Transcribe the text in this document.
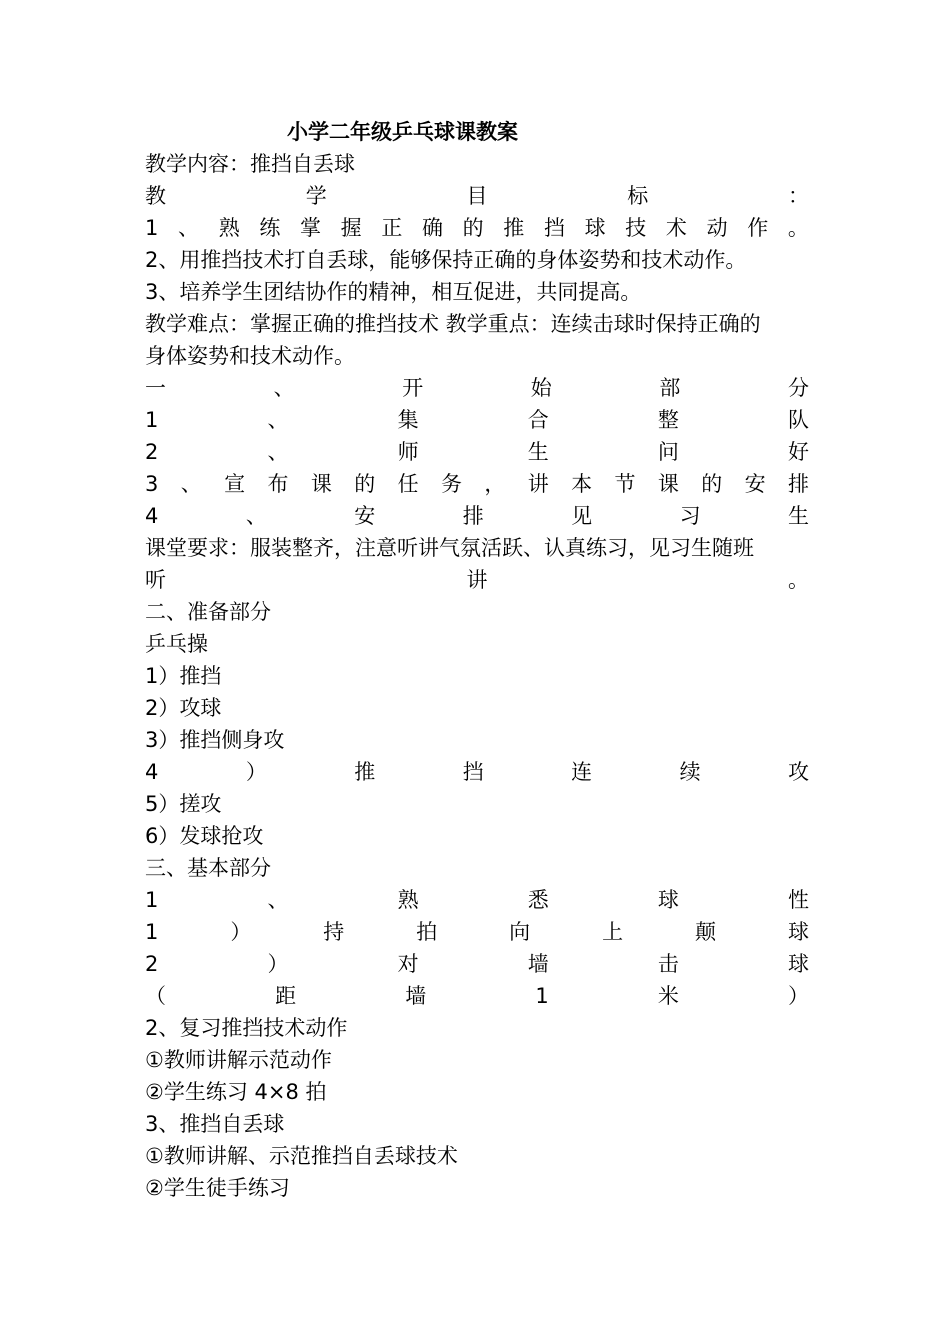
小学二年级乒乓球课教案
教学内容：推挡自丢球
教	学	目	标	：
1 、 熟 练 掌 握 正 确 的 推 挡 球 技 术 动 作 。
2、用推挡技术打自丢球，能够保持正确的身体姿势和技术动作。
3、培养学生团结协作的精神，相互促进，共同提高。
教学难点：掌握正确的推挡技术 教学重点：连续击球时保持正确的
身体姿势和技术动作。
一	、	开	始	部	分
1	、	集	合	整	队
2	、	师	生	问	好
3 、 宣 布 课 的 任 务 ， 讲 本 节 课 的 安 排
4	、	安	排	见	习	生
课堂要求：服装整齐，注意听讲气氛活跃、认真练习，见习生随班
听	讲	。
二、准备部分
乒乓操
1）推挡
2）攻球
3）推挡侧身攻
4	）	推	挡	连	续	攻
5）搓攻
6）发球抢攻
三、基本部分
1	、	熟	悉	球	性
1	）	持	拍	向	上	颠	球
2	）	对	墙	击	球
（	距	墙	1	米	）
2、复习推挡技术动作
①教师讲解示范动作
②学生练习 4×8 拍
3、推挡自丢球
①教师讲解、示范推挡自丢球技术
②学生徒手练习
